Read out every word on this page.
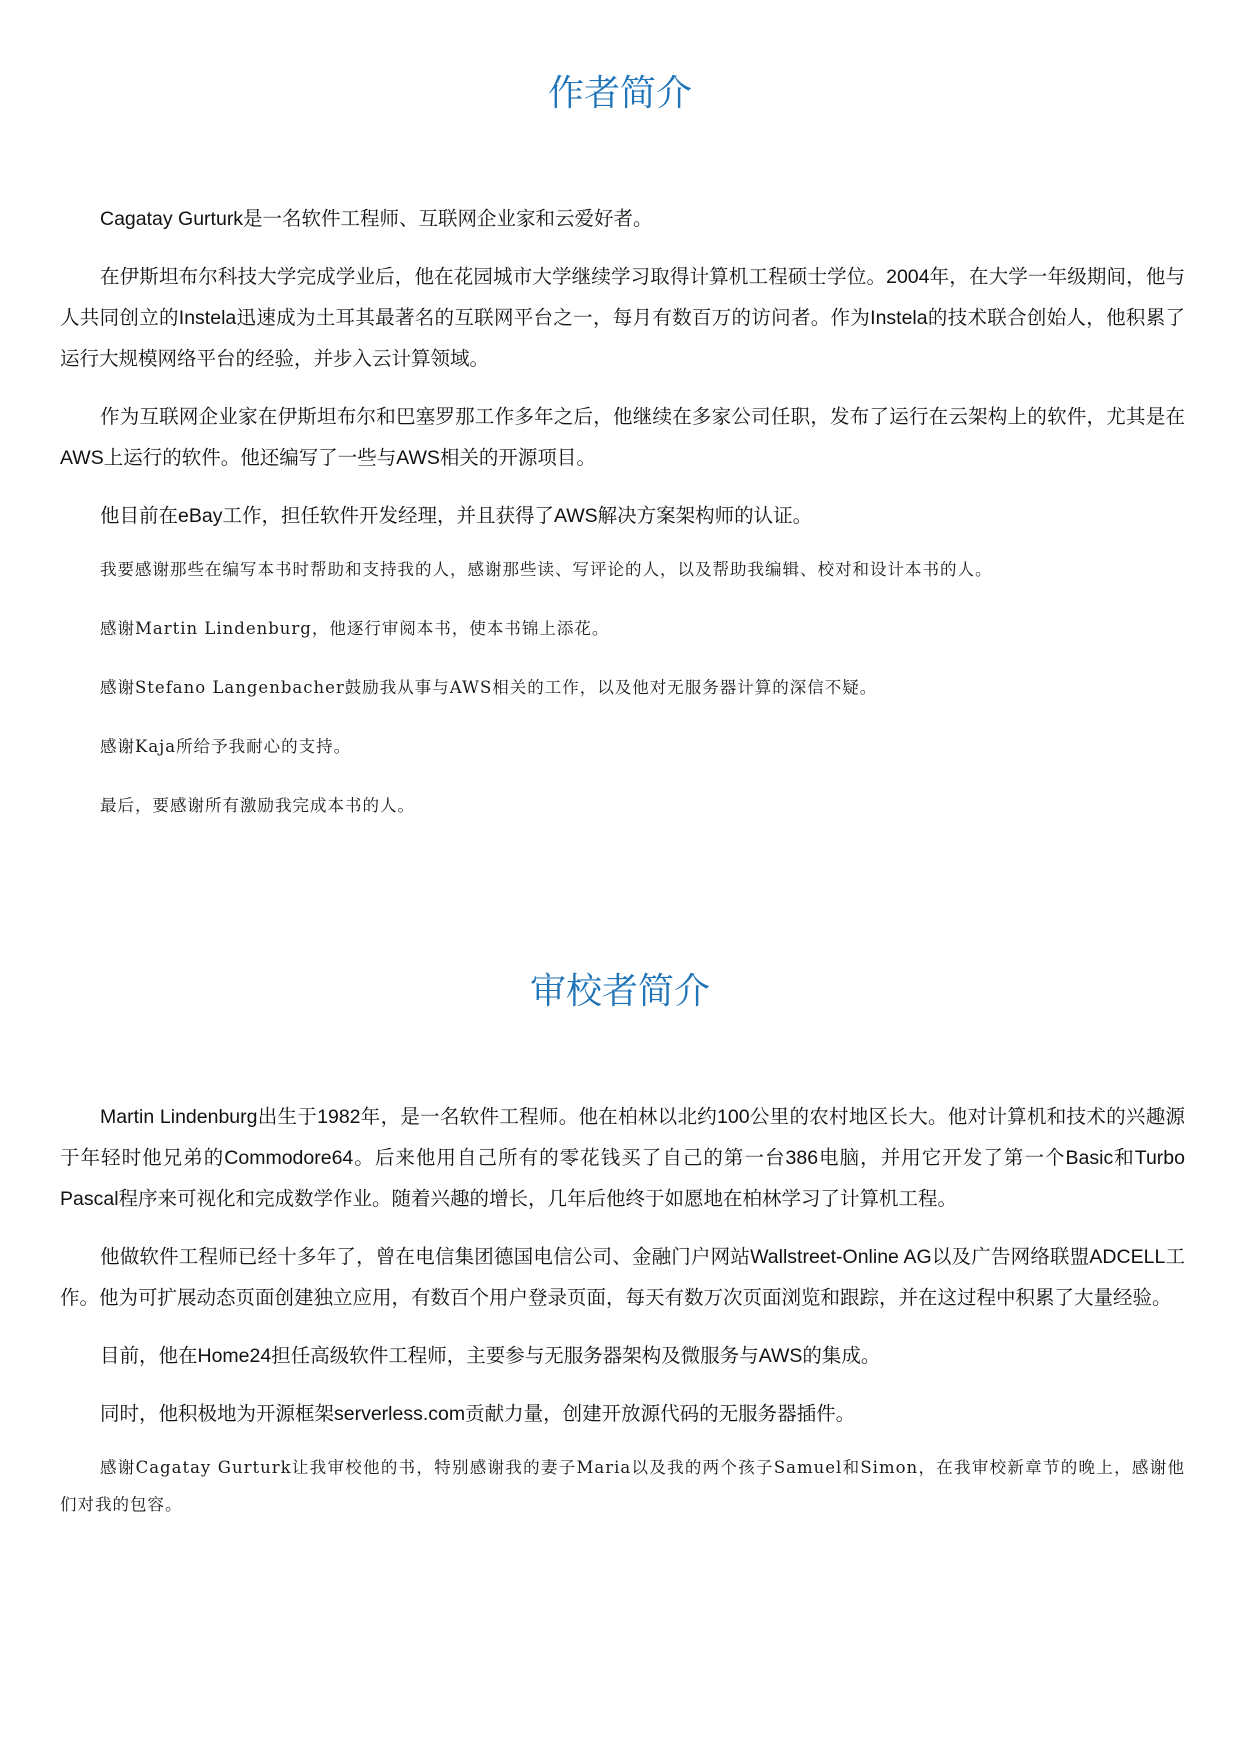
作者简介

Cagatay Gurturk是一名软件工程师、互联网企业家和云爱好者。

在伊斯坦布尔科技大学完成学业后，他在花园城市大学继续学习取得计算机工程硕士学位。2004年，在大学一年级期间，他与人共同创立的Instela迅速成为土耳其最著名的互联网平台之一，每月有数百万的访问者。作为Instela的技术联合创始人，他积累了运行大规模网络平台的经验，并步入云计算领域。

作为互联网企业家在伊斯坦布尔和巴塞罗那工作多年之后，他继续在多家公司任职，发布了运行在云架构上的软件，尤其是在AWS上运行的软件。他还编写了一些与AWS相关的开源项目。

他目前在eBay工作，担任软件开发经理，并且获得了AWS解决方案架构师的认证。

我要感谢那些在编写本书时帮助和支持我的人，感谢那些读、写评论的人，以及帮助我编辑、校对和设计本书的人。

感谢Martin Lindenburg，他逐行审阅本书，使本书锦上添花。

感谢Stefano Langenbacher鼓励我从事与AWS相关的工作，以及他对无服务器计算的深信不疑。

感谢Kaja所给予我耐心的支持。

最后，要感谢所有激励我完成本书的人。

审校者简介

Martin Lindenburg出生于1982年，是一名软件工程师。他在柏林以北约100公里的农村地区长大。他对计算机和技术的兴趣源于年轻时他兄弟的Commodore64。后来他用自己所有的零花钱买了自己的第一台386电脑，并用它开发了第一个Basic和Turbo Pascal程序来可视化和完成数学作业。随着兴趣的增长，几年后他终于如愿地在柏林学习了计算机工程。

他做软件工程师已经十多年了，曾在电信集团德国电信公司、金融门户网站Wallstreet-Online AG以及广告网络联盟ADCELL工作。他为可扩展动态页面创建独立应用，有数百个用户登录页面，每天有数万次页面浏览和跟踪，并在这过程中积累了大量经验。

目前，他在Home24担任高级软件工程师，主要参与无服务器架构及微服务与AWS的集成。

同时，他积极地为开源框架serverless.com贡献力量，创建开放源代码的无服务器插件。

感谢Cagatay Gurturk让我审校他的书，特别感谢我的妻子Maria以及我的两个孩子Samuel和Simon，在我审校新章节的晚上，感谢他们对我的包容。
